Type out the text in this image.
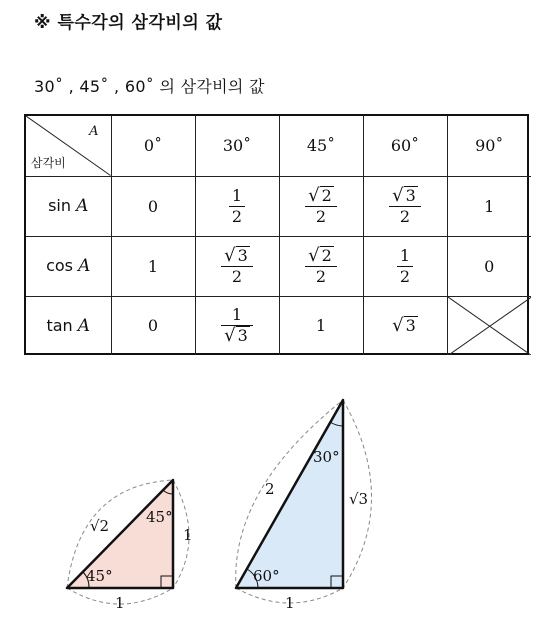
※ 특수각의 삼각비의 값
30˚ , 45˚ , 60˚ 의 삼각비의 값
A
삼각비	0˚	30˚	45˚	60˚	90˚
sin A	0	$\frac{1}{2}$	$\frac{√ 2}{2}$	$\frac{√ 3}{2}$	1
cos A	1	$\frac{√ 3}{2}$	$\frac{√ 2}{2}$	$\frac{1}{2}$	0
tan A	0	$\frac{1}{√ 3}$	1	√ 3

√2 45°
45°
1
1
2
30°
60°
√3
1
